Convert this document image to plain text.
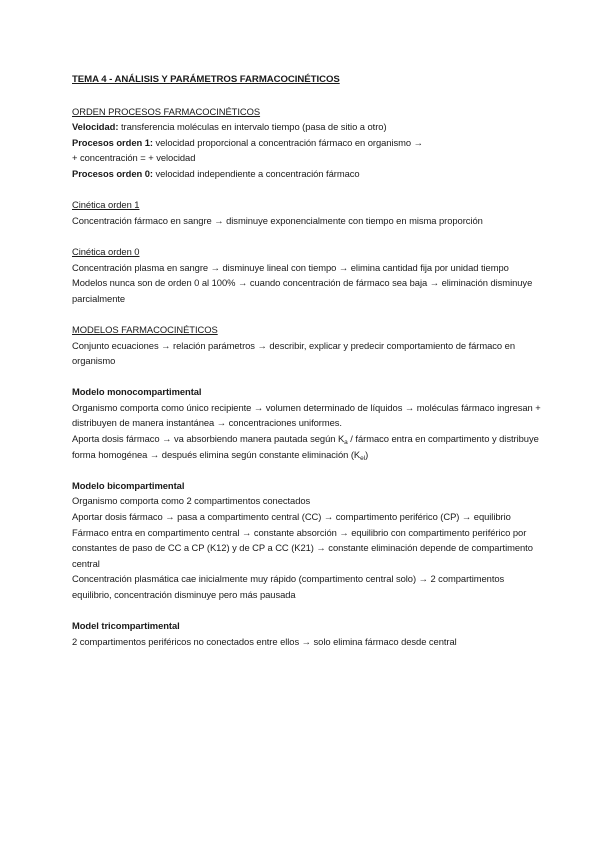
TEMA 4 - ANÁLISIS Y PARÁMETROS FARMACOCINÉTICOS

ORDEN PROCESOS FARMACOCINÉTICOS

Velocidad: transferencia moléculas en intervalo tiempo (pasa de sitio a otro)

Procesos orden 1: velocidad proporcional a concentración fármaco en organismo →

+ concentración = + velocidad

Procesos orden 0: velocidad independiente a concentración fármaco

Cinética orden 1

Concentración fármaco en sangre → disminuye exponencialmente con tiempo en misma proporción

Cinética orden 0

Concentración plasma en sangre → disminuye lineal con tiempo → elimina cantidad fija por unidad tiempo

Modelos nunca son de orden 0 al 100% → cuando concentración de fármaco sea baja → eliminación disminuye parcialmente

MODELOS FARMACOCINÉTICOS

Conjunto ecuaciones → relación parámetros → describir, explicar y predecir comportamiento de fármaco en organismo

Modelo monocompartimental

Organismo comporta como único recipiente → volumen determinado de líquidos → moléculas fármaco ingresan + distribuyen de manera instantánea → concentraciones uniformes.

Aporta dosis fármaco → va absorbiendo manera pautada según $K_a$ / fármaco entra en compartimento y distribuye forma homogénea → después elimina según constante eliminación $(K_{el})$

Modelo bicompartimental

Organismo comporta como 2 compartimentos conectados

Aportar dosis fármaco → pasa a compartimento central (CC) → compartimento periférico (CP) → equilibrio

Fármaco entra en compartimento central → constante absorción → equilibrio con compartimento periférico por constantes de paso de CC a CP (K12) y de CP a CC (K21) → constante eliminación depende de compartimento central

Concentración plasmática cae inicialmente muy rápido (compartimento central solo) → 2 compartimentos equilibrio, concentración disminuye pero más pausada

Model tricompartimental

2 compartimentos periféricos no conectados entre ellos → solo elimina fármaco desde central
